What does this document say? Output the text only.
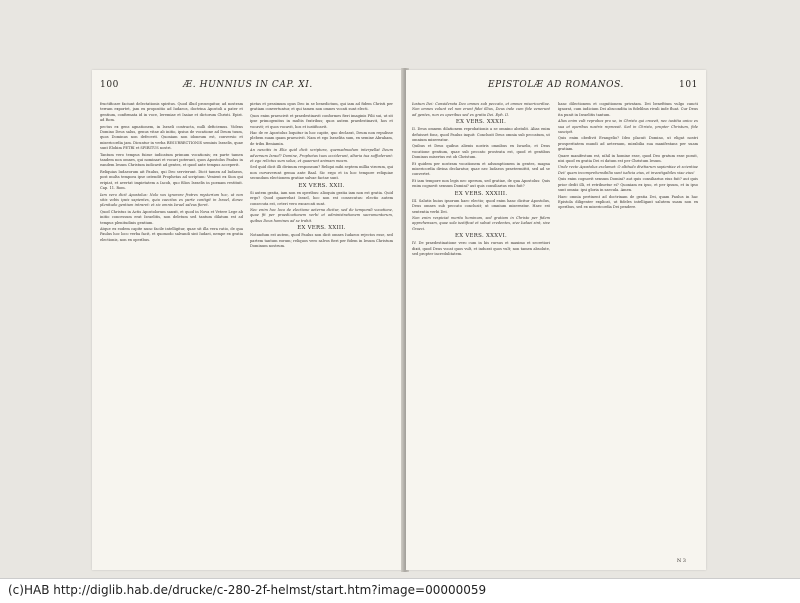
100	Æ. HUNNIUS IN CAP. XI.

fructificare faciunt delectationis spiritus. Quod illud prosequitur, ad nostram terram exportet, jam ex propositio ad Iudaeos, doctrina Apostoli a pater et gentium, confirmata id in voce, Ieremiae et Isaiae et dictorum Christi. Epist. ad Rom.

pectus ex gens agnationem, in Israeli contracta, nulli deficiemus. Videns Domino Deus salus, genus vitae ab initio, ipsius de vocatione ad Deum tuum, quos Dominus non defecerit. Quoniam non idoneum est, conversio et misericordia jam. Dicuntur in verba RESURRECTIONIS seminis Israelis, quae sunt Elohim PETRI et SPIRITUS nostri.

Tantum vero tempus fuisse iudicatum primum vocationis; ex parte tamen tandem non omnes, qui nominari et vocari poterant, quos Apostolus Paulus in eandem Iesum Christum iudicavit ad gentes, et quod ante tempus acceperit.

Reliquias Iudaeorum ait Paulus, qui Deo servierunt. Dicit tamen ad Iudaeos, post multa tempora ipse ostendit Prophetas ad scriptum: Venient ex Sion qui eripiat, et avertat impietatem a Iacob, quo filios Israelis in poenam restituit. Cap. 11. Rom.

Iam vero dicit Apostolus: Nolo vos ignorare fratres mysterium hoc, ut non sitis vobis ipsis sapientes, quia caecitas ex parte contigit in Israel, donec plenitudo gentium intraret: et sic omnis Israel salvus fieret.

Quod Christus in Actis Apostolorum sanxit, et quod in Nova et Vetere Lege ab initio concessum erat Israelitis, non deletum sed tantum dilatum est ad tempus plenitudinis gentium.

Atque ex eodem capite nunc facile intelligitur, quae sit illa vera ratio, de qua Paulus hoc loco verba facit, et quomodo salvandi sint Iudaei, nempe ex gratia electionis, non ex operibus.

pietas et pessimum opus Deo in se benedictum, qui iam ad fidem Christi per gratiam convertuntur, et qui tamen non omnes vocati sunt electi.

Quos enim praescivit et praedestinavit conformes fieri imaginis Filii sui, ut sit ipse primogenitus in multis fratribus; quos autem praedestinavit, hos et vocavit; et quos vocavit, hos et iustificavit.

Hac de re Apostolus loquitur in hoc capite, quo declarat, Deum non repulisse plebem suam quam praescivit. Nam et ego Israelita sum, ex semine Abraham, de tribu Beniamin.

An nescitis in Elia quid dicit scriptura, quemadmodum interpellat Deum adversum Israel? Domine, Prophetas tuos occiderunt, altaria tua suffoderunt: et ego relictus sum solus, et quaerunt animam meam.

Sed quid dicit illi divinum responsum? Reliqui mihi septem millia virorum, qui non curvaverunt genua ante Baal. Sic ergo et in hoc tempore reliquiae secundum electionem gratiae salvae factae sunt.

EX VERS. XXII.

Si autem gratia, iam non ex operibus: alioquin gratia iam non est gratia. Quid ergo? Quod quaerebat Israel, hoc non est consecutus: electio autem consecuta est, ceteri vero excaecati sunt.

Nec enim hoc loco de electione aeterna dicitur, sed de temporali vocatione, quae fit per praedicationem verbi et administrationem sacramentorum, quibus Deus homines ad se trahit.

EX VERS. XXIII.

Notandum est autem, quod Paulus non dicit omnes Iudaeos rejectos esse, sed partem tantum eorum; reliquos vero salvos fieri per fidem in Iesum Christum Dominum nostrum.

EPISTOLÆ AD ROMANOS.	101

Iustum Dei: Considerata Deo omnes sub peccato, et omnes misericordiae. Non omnes volunt vel non erunt fidei illius, Deus inde cum fide venerunt ad gentes, non ex operibus sed ex gratia Dei. Eph. II.

EX VERS. XXXII.

II. Deus omnem dilationem reprobationis a se omnino abstulit. Alias enim defuisset fons, quod Paulus inquit: Conclusit Deus omnia sub peccatum, ut omnium misereatur.

Quibus et Deus quibus alienis nostris omnibus ex Israelis, et Deus vocatione gentium, quae sub peccato prostrata est, quod et gentibus Dominus misertus est ob Christum.

Et quidem per nostram vocationem et adsumptionem in gentes, magna misericordia divina declaratur, quae nec Iudaeos praetermittit, sed ad se convertet.

Et iam tempore non legis nec operum, sed gratiae, de qua Apostolus: Quis enim cognovit sensum Domini? aut quis consiliarius eius fuit?

EX VERS. XXXIII.

III. Salutis huius ipsorum haec electio; quod enim hanc dicitur Apostolus, Deus omnes sub peccato conclusit; ut omnium misereatur. Haec est sententia verbi Dei.

Non enim respiciat merita hominum, sed gratiam in Christo per fidem apprehensam, quae sola iustificat et salvat credentes, sive Iudaei sint, sive Graeci.

EX VERS. XXXVI.

IV. De praedestinatione vero cum in his rursus et maximo et secretiori dixit, quod Deus vocat quos vult, et indurat quos vult; non tamen absolute, sed propter incredulitatem.

hanc dilectionem et cognitionem privatam. Dei benefitum vulgo cuncti ignorat, cum iudicium Dei abscondita in fidelibus rivuli inde fluat. Cur Deus ita punit in Israelitis tantum.

Alios enim vult reprobos pro se, in Christo qui creavit, nec iustitia unico ex sua et operibus nostris repressit. Sed in Christo, propter Christum, fide suscipit.

Quis enim obedivit Evangelio? Ideo placuit Domino, ut eligat nostri prosperitatem mundi ad aeternum, mirabilia sua manifestans per suam gratiam.

Quare manifestum est, nihil in homine esse, quod Deo gratum esse possit, nisi quod ex gratia Dei ei datum est per Christum Iesum.

Unde recte Apostolus exclamat: O altitudo divitiarum sapientiae et scientiae Dei! quam incomprehensibilia sunt iudicia eius, et investigabiles viae eius!

Quis enim cognovit sensum Domini? aut quis consiliarius eius fuit? aut quis prior dedit illi, et retribuetur ei? Quoniam ex ipso, et per ipsum, et in ipso sunt omnia: ipsi gloria in saecula. Amen.

Haec omnia pertinent ad doctrinam de gratia Dei, quam Paulus in hac Epistola diligenter explicat, ut fideles intelligant salutem suam non ex operibus, sed ex misericordia Dei pendere.

N 3
(c)HAB http://diglib.hab.de/drucke/c-280-2f-helmst/start.htm?image=00000059
